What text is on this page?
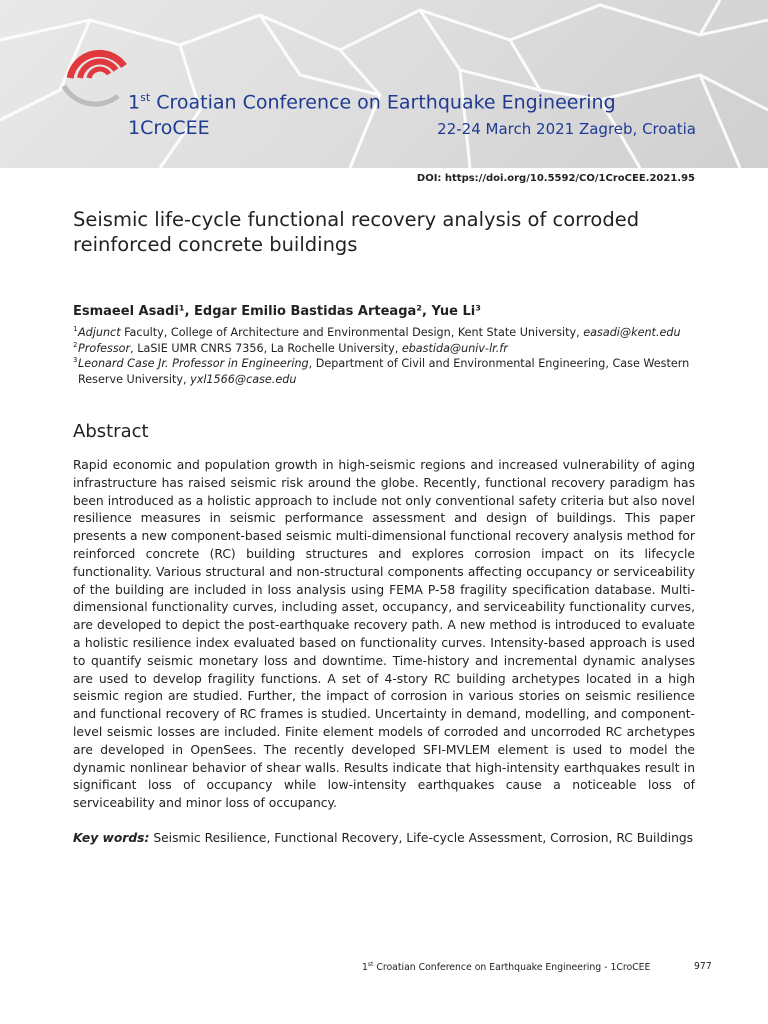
1st Croatian Conference on Earthquake Engineering
1CroCEE	22-24 March 2021 Zagreb, Croatia
DOI: https://doi.org/10.5592/CO/1CroCEE.2021.95
Seismic life-cycle functional recovery analysis of corroded reinforced concrete buildings
Esmaeel Asadi¹, Edgar Emilio Bastidas Arteaga², Yue Li³
1 Adjunct Faculty, College of Architecture and Environmental Design, Kent State University, easadi@kent.edu
2 Professor, LaSIE UMR CNRS 7356, La Rochelle University, ebastida@univ-lr.fr
3 Leonard Case Jr. Professor in Engineering, Department of Civil and Environmental Engineering, Case Western Reserve University, yxl1566@case.edu
Abstract
Rapid economic and population growth in high-seismic regions and increased vulnerability of aging infrastructure has raised seismic risk around the globe. Recently, functional recovery paradigm has been introduced as a holistic approach to include not only conventional safety criteria but also novel resilience measures in seismic performance assessment and design of buildings. This paper presents a new component-based seismic multi-dimensional functional recovery analysis method for reinforced concrete (RC) building structures and explores corrosion impact on its lifecycle functionality. Various structural and non-structural components affecting occupancy or serviceability of the building are included in loss analysis using FEMA P-58 fragility specification database. Multi-dimensional functionality curves, including asset, occupancy, and serviceability functionality curves, are developed to depict the post-earthquake recovery path. A new method is introduced to evaluate a holistic resilience index evaluated based on functionality curves. Intensity-based approach is used to quantify seismic monetary loss and downtime. Time-history and incremental dynamic analyses are used to develop fragility functions. A set of 4-story RC building archetypes located in a high seismic region are studied. Further, the impact of corrosion in various stories on seismic resilience and functional recovery of RC frames is studied. Uncertainty in demand, modelling, and component-level seismic losses are included. Finite element models of corroded and uncorroded RC archetypes are developed in OpenSees. The recently developed SFI-MVLEM element is used to model the dynamic nonlinear behavior of shear walls. Results indicate that high-intensity earthquakes result in significant loss of occupancy while low-intensity earthquakes cause a noticeable loss of serviceability and minor loss of occupancy.
Key words: Seismic Resilience, Functional Recovery, Life-cycle Assessment, Corrosion, RC Buildings
1st Croatian Conference on Earthquake Engineering - 1CroCEE	977
